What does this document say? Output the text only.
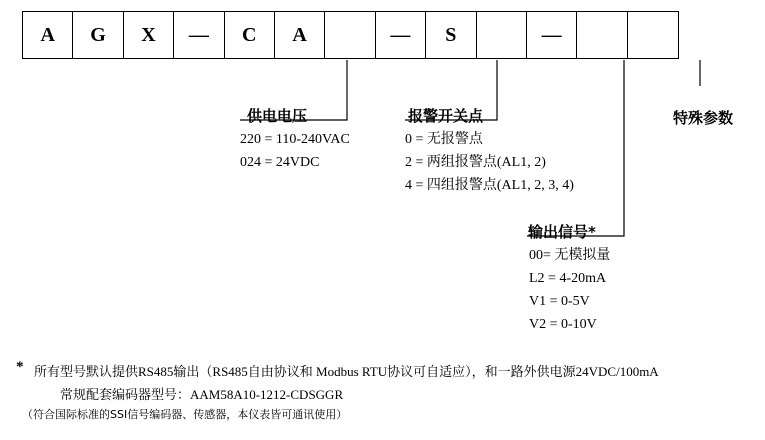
A	G	X	—	C	A	—	S	—
供电电压
220 = 110-240VAC
024 = 24VDC
报警开关点
0 = 无报警点
2 = 两组报警点(AL1, 2)
4 = 四组报警点(AL1, 2, 3, 4)
输出信号*
00= 无模拟量
L2 = 4-20mA
V1 = 0-5V
V2 = 0-10V
特殊参数
* 所有型号默认提供RS485输出（RS485自由协议和 Modbus RTU协议可自适应），和一路外供电源24VDC/100mA
常规配套编码器型号：AAM58A10-1212-CDSGGR
（符合国际标准的SSI信号编码器、传感器，本仪表皆可通讯使用）
